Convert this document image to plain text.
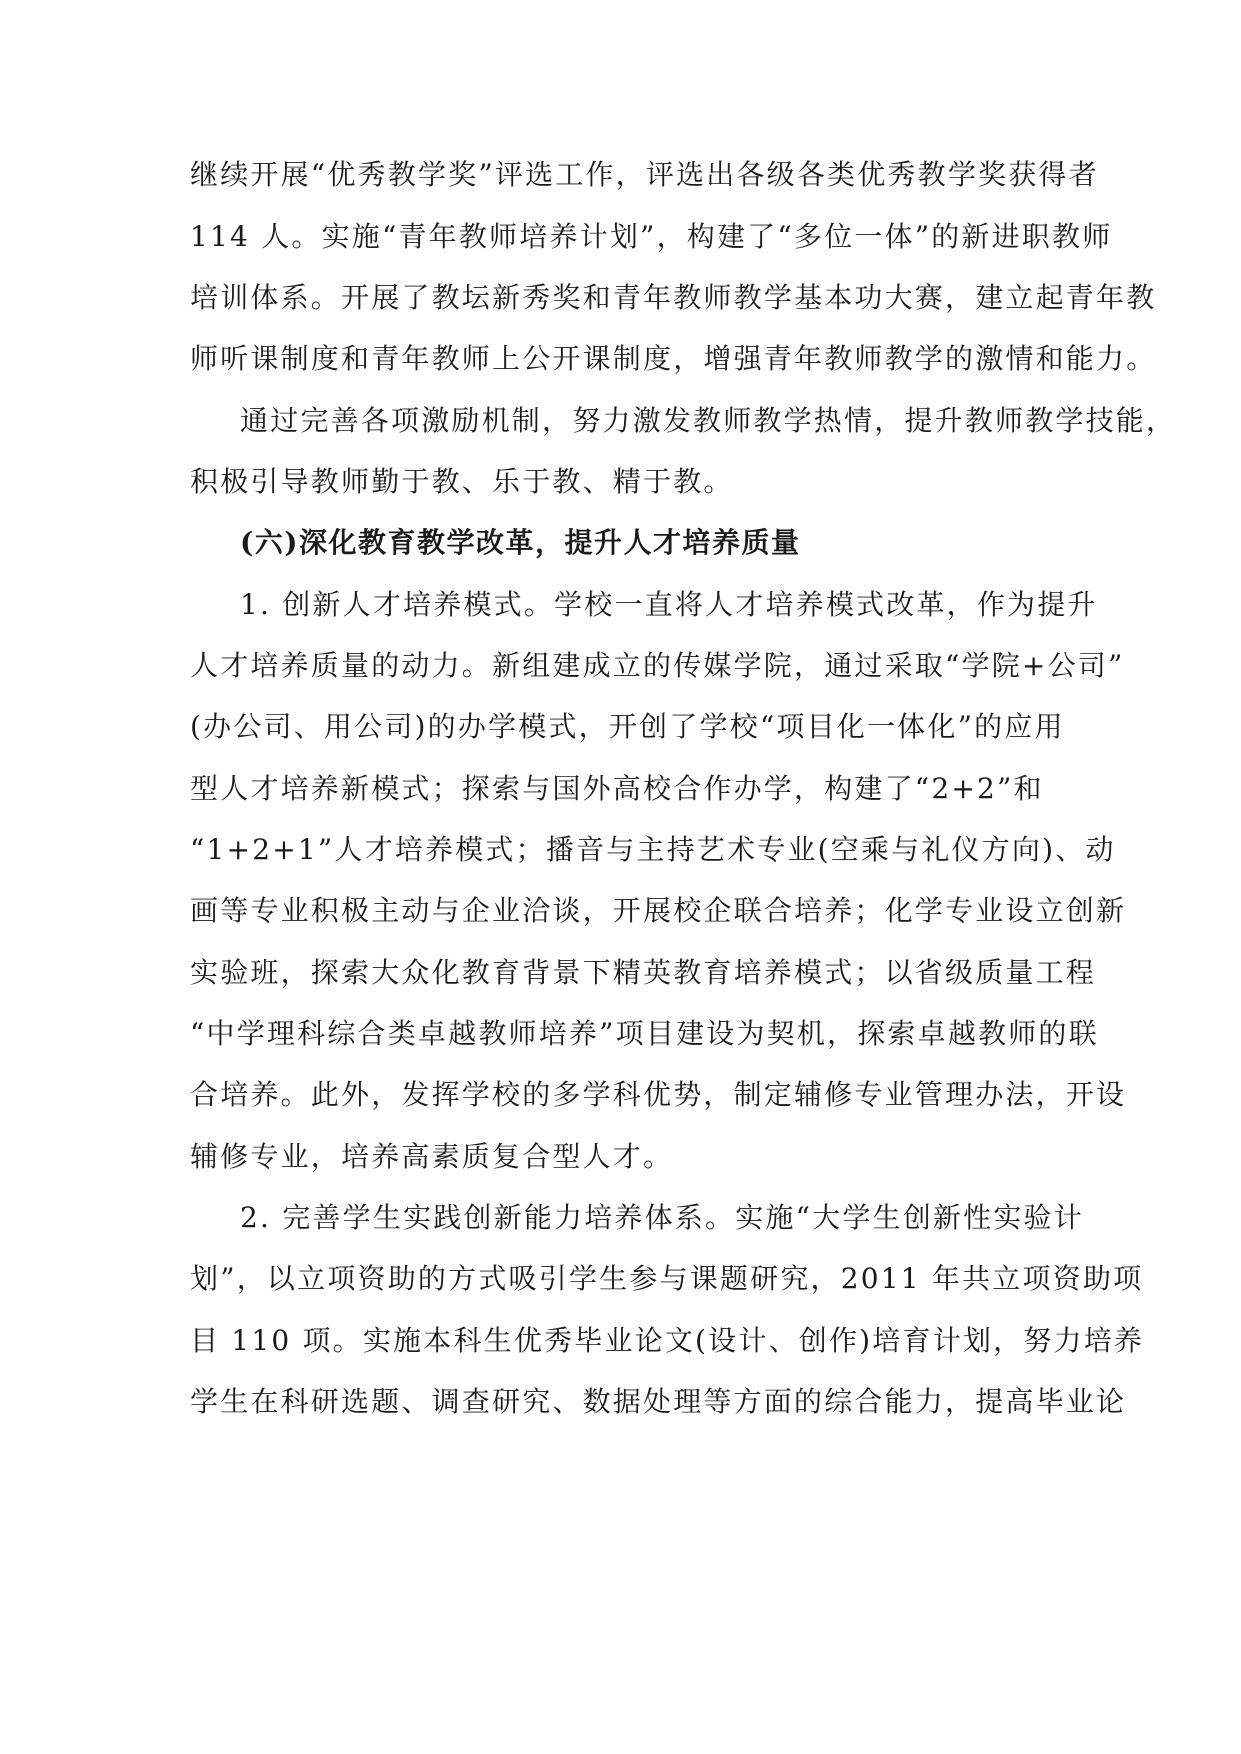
继续开展“优秀教学奖”评选工作，评选出各级各类优秀教学奖获得者
114 人。实施“青年教师培养计划”，构建了“多位一体”的新进职教师
培训体系。开展了教坛新秀奖和青年教师教学基本功大赛，建立起青年教
师听课制度和青年教师上公开课制度，增强青年教师教学的激情和能力。
通过完善各项激励机制，努力激发教师教学热情，提升教师教学技能，
积极引导教师勤于教、乐于教、精于教。
(六)深化教育教学改革，提升人才培养质量
1. 创新人才培养模式。学校一直将人才培养模式改革，作为提升
人才培养质量的动力。新组建成立的传媒学院，通过采取“学院+公司”
(办公司、用公司)的办学模式，开创了学校“项目化一体化”的应用
型人才培养新模式；探索与国外高校合作办学，构建了“2+2”和
“1+2+1”人才培养模式；播音与主持艺术专业(空乘与礼仪方向)、动
画等专业积极主动与企业洽谈，开展校企联合培养；化学专业设立创新
实验班，探索大众化教育背景下精英教育培养模式；以省级质量工程
“中学理科综合类卓越教师培养”项目建设为契机，探索卓越教师的联
合培养。此外，发挥学校的多学科优势，制定辅修专业管理办法，开设
辅修专业，培养高素质复合型人才。
2. 完善学生实践创新能力培养体系。实施“大学生创新性实验计
划”，以立项资助的方式吸引学生参与课题研究，2011 年共立项资助项
目 110 项。实施本科生优秀毕业论文(设计、创作)培育计划，努力培养
学生在科研选题、调查研究、数据处理等方面的综合能力，提高毕业论
